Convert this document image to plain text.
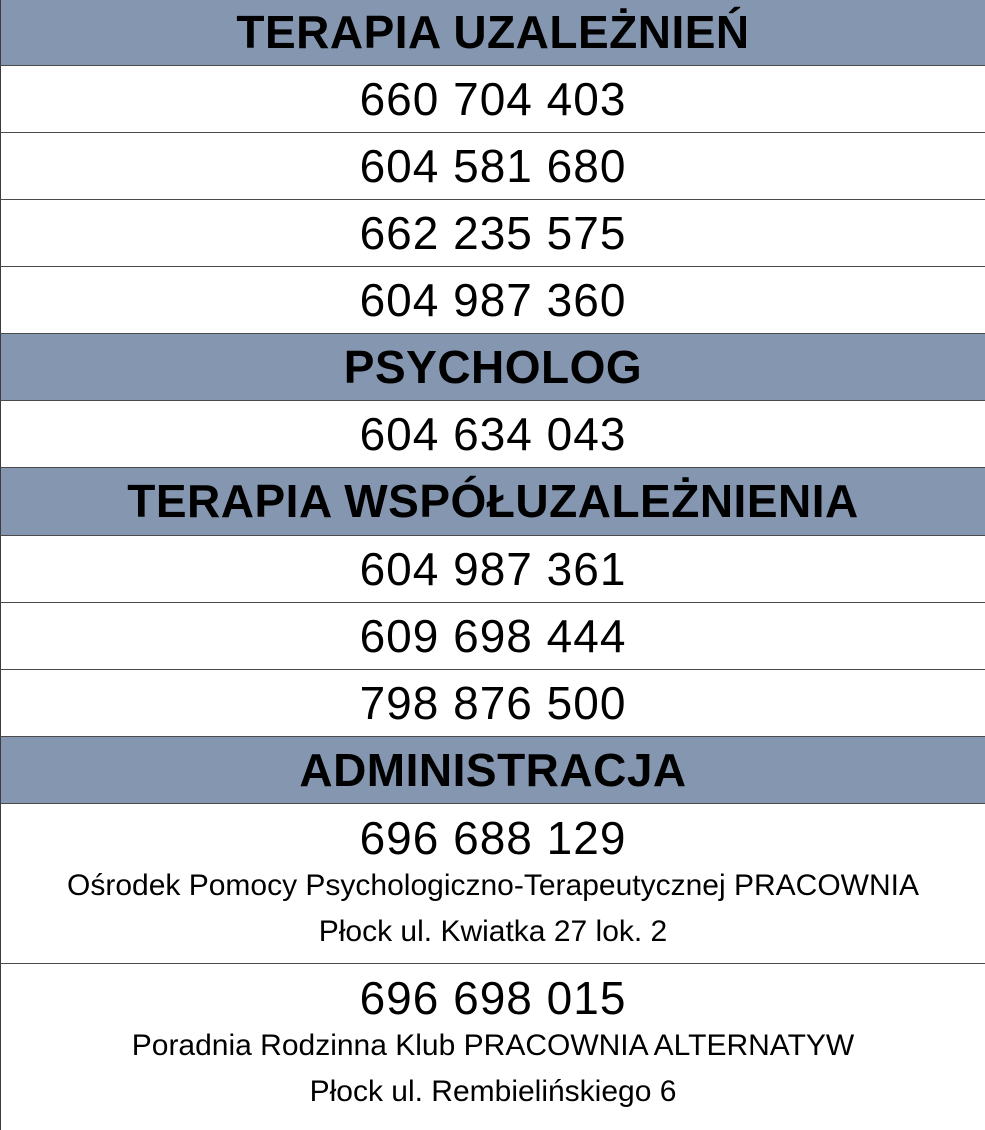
TERAPIA UZALEŻNIEŃ
660 704 403
604 581 680
662 235 575
604 987 360
PSYCHOLOG
604 634 043
TERAPIA WSPÓŁUZALEŻNIENIA
604 987 361
609 698 444
798 876 500
ADMINISTRACJA
696 688 129
Ośrodek Pomocy Psychologiczno-Terapeutycznej PRACOWNIA
Płock ul. Kwiatka 27 lok. 2
696 698 015
Poradnia Rodzinna Klub PRACOWNIA ALTERNATYW
Płock ul. Rembielińskiego 6
